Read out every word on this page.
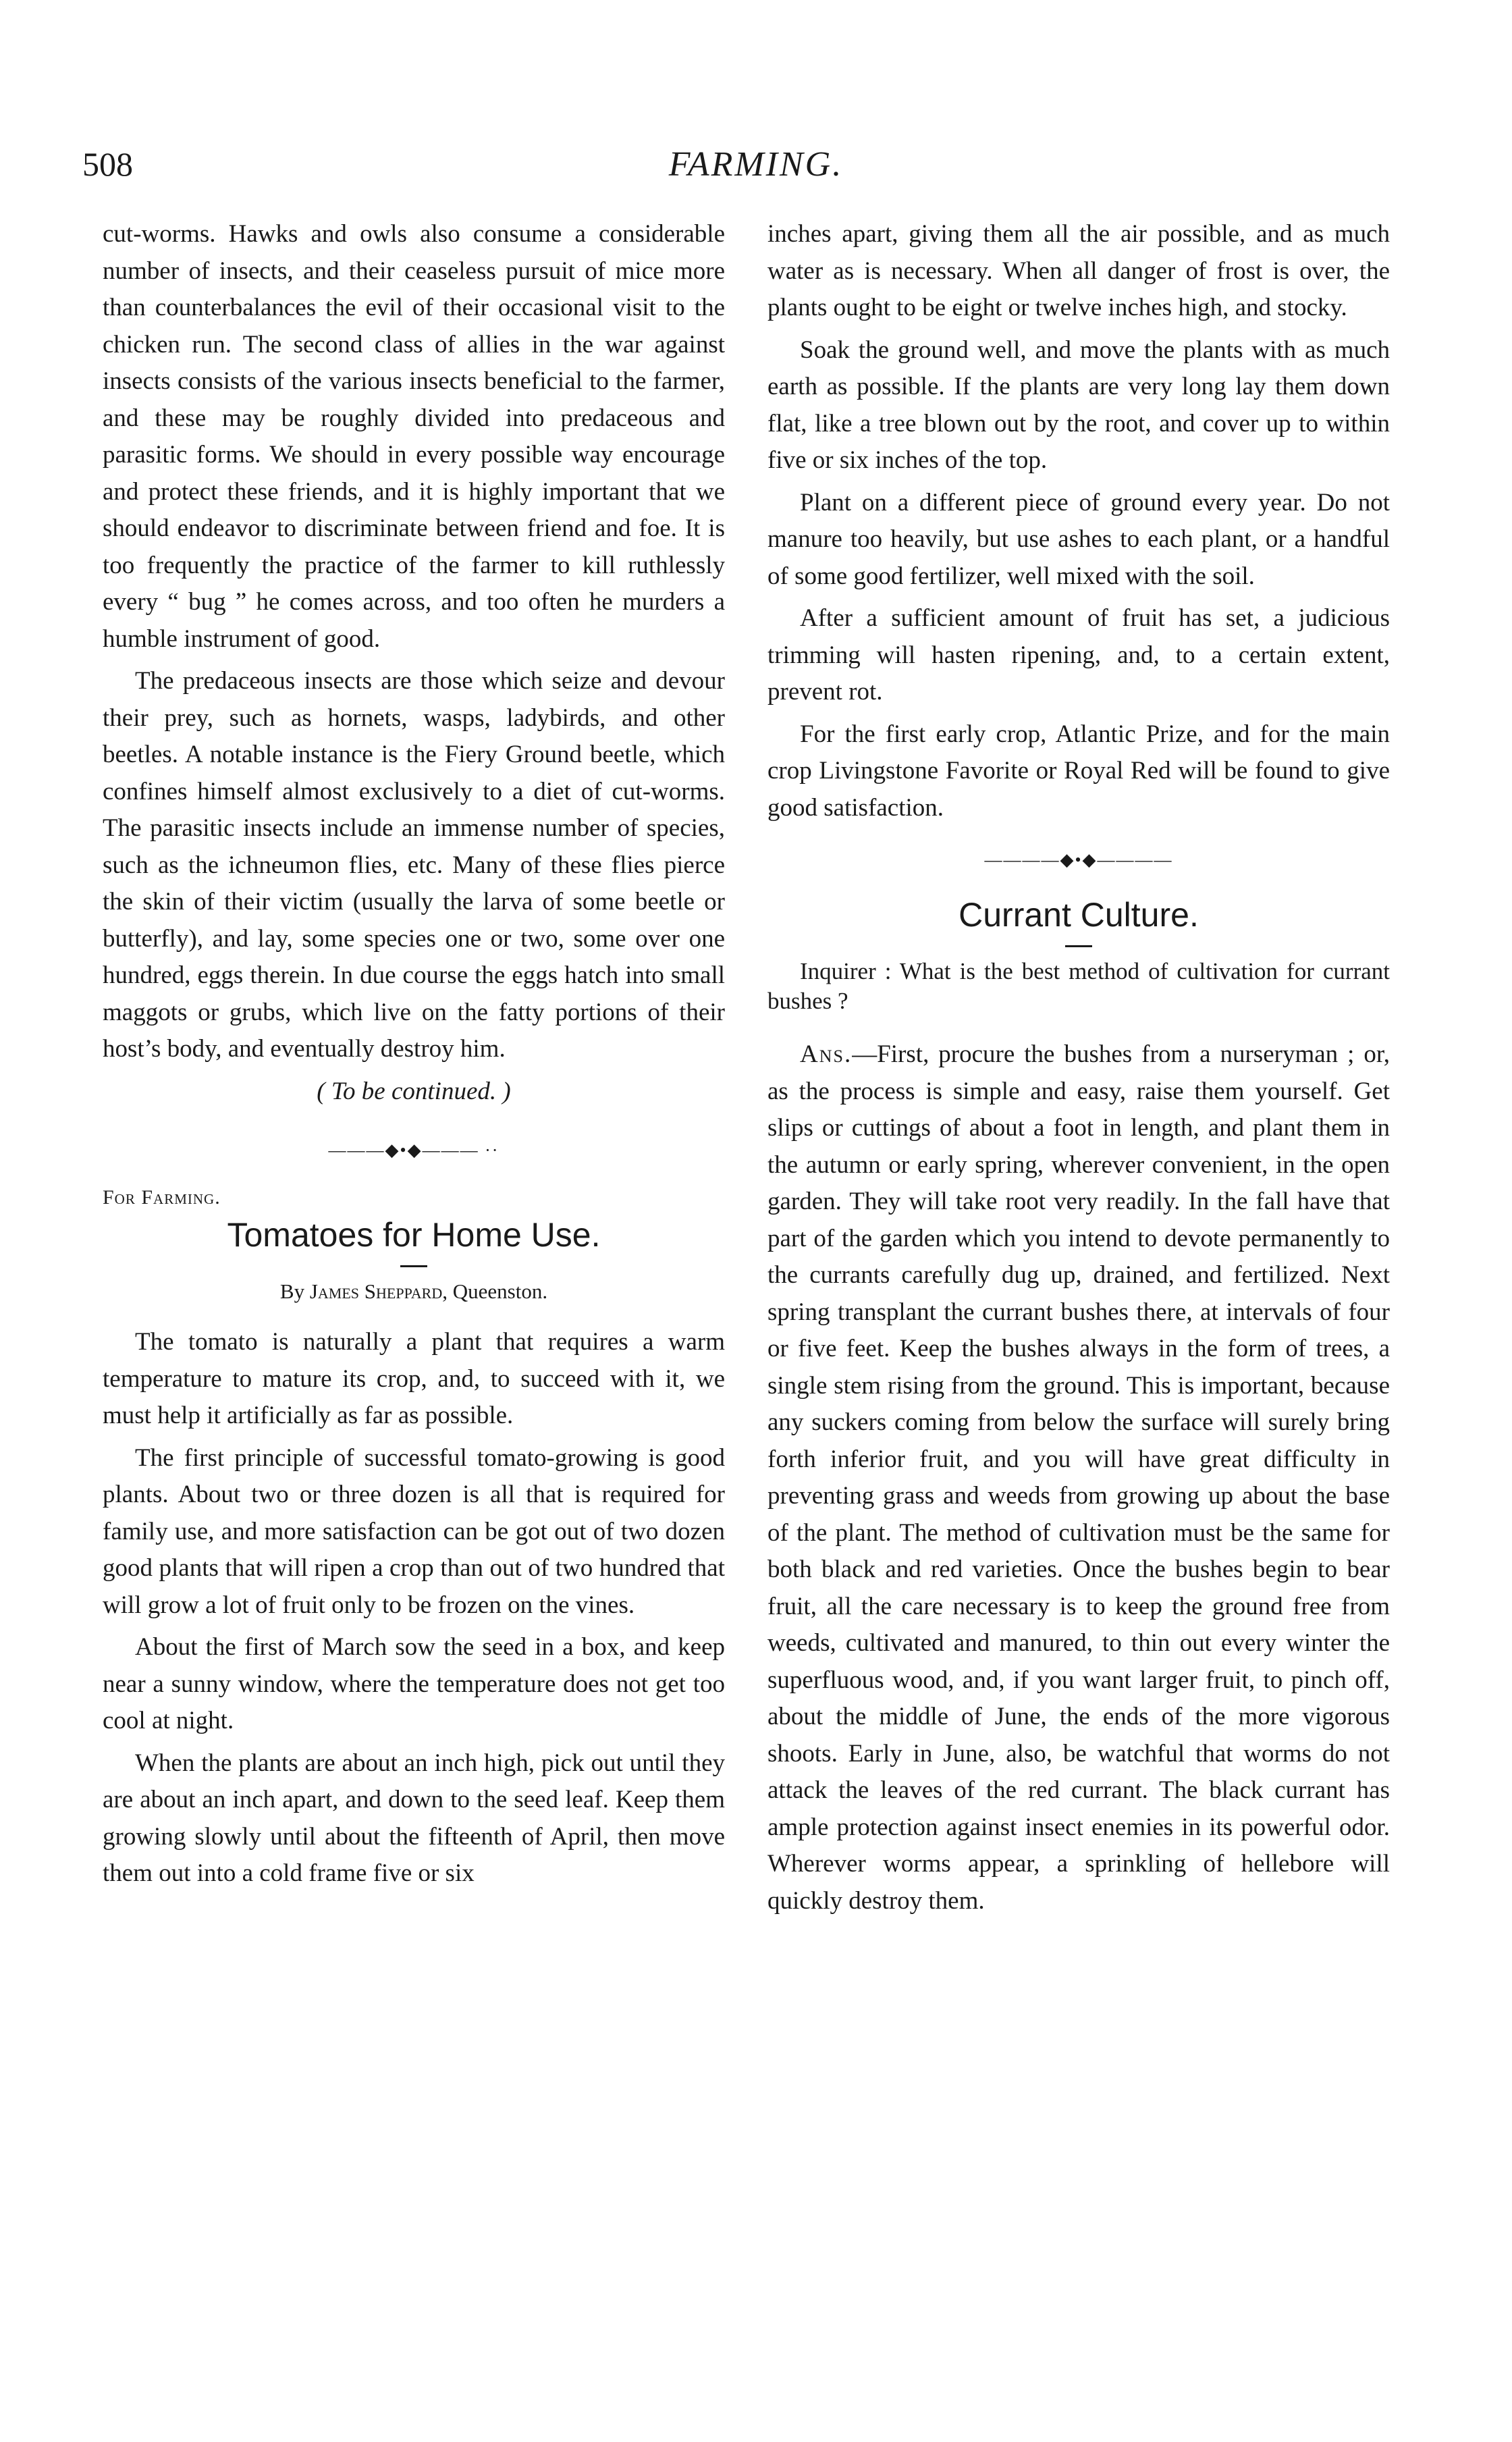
508	FARMING.

cut-worms. Hawks and owls also consume a considerable number of insects, and their ceaseless pursuit of mice more than counterbalances the evil of their occasional visit to the chicken run. The second class of allies in the war against insects consists of the various insects beneficial to the farmer, and these may be roughly divided into predaceous and parasitic forms. We should in every possible way encourage and protect these friends, and it is highly important that we should endeavor to discriminate between friend and foe. It is too frequently the practice of the farmer to kill ruthlessly every “ bug ” he comes across, and too often he murders a humble instrument of good.

The predaceous insects are those which seize and devour their prey, such as hornets, wasps, ladybirds, and other beetles. A notable instance is the Fiery Ground beetle, which confines himself almost exclusively to a diet of cut-worms. The parasitic insects include an immense number of species, such as the ichneumon flies, etc. Many of these flies pierce the skin of their victim (usually the larva of some beetle or butterfly), and lay, some species one or two, some over one hundred, eggs therein. In due course the eggs hatch into small maggots or grubs, which live on the fatty portions of their host’s body, and eventually destroy him.

( To be continued. )
———◆•◆——— ··
For Farming.
Tomatoes for Home Use.
By James Sheppard, Queenston.

The tomato is naturally a plant that requires a warm temperature to mature its crop, and, to succeed with it, we must help it artificially as far as possible.

The first principle of successful tomato-growing is good plants. About two or three dozen is all that is required for family use, and more satisfaction can be got out of two dozen good plants that will ripen a crop than out of two hundred that will grow a lot of fruit only to be frozen on the vines.

About the first of March sow the seed in a box, and keep near a sunny window, where the temperature does not get too cool at night.

When the plants are about an inch high, pick out until they are about an inch apart, and down to the seed leaf. Keep them growing slowly until about the fifteenth of April, then move them out into a cold frame five or six

inches apart, giving them all the air possible, and as much water as is necessary. When all danger of frost is over, the plants ought to be eight or twelve inches high, and stocky.

Soak the ground well, and move the plants with as much earth as possible. If the plants are very long lay them down flat, like a tree blown out by the root, and cover up to within five or six inches of the top.

Plant on a different piece of ground every year. Do not manure too heavily, but use ashes to each plant, or a handful of some good fertilizer, well mixed with the soil.

After a sufficient amount of fruit has set, a judicious trimming will hasten ripening, and, to a certain extent, prevent rot.

For the first early crop, Atlantic Prize, and for the main crop Livingstone Favorite or Royal Red will be found to give good satisfaction.

————◆•◆————
Currant Culture.

Inquirer : What is the best method of cultivation for currant bushes ?

Ans.—First, procure the bushes from a nurseryman ; or, as the process is simple and easy, raise them yourself. Get slips or cuttings of about a foot in length, and plant them in the autumn or early spring, wherever convenient, in the open garden. They will take root very readily. In the fall have that part of the garden which you intend to devote permanently to the currants carefully dug up, drained, and fertilized. Next spring transplant the currant bushes there, at intervals of four or five feet. Keep the bushes always in the form of trees, a single stem rising from the ground. This is important, because any suckers coming from below the surface will surely bring forth inferior fruit, and you will have great difficulty in preventing grass and weeds from growing up about the base of the plant. The method of cultivation must be the same for both black and red varieties. Once the bushes begin to bear fruit, all the care necessary is to keep the ground free from weeds, cultivated and manured, to thin out every winter the superfluous wood, and, if you want larger fruit, to pinch off, about the middle of June, the ends of the more vigorous shoots. Early in June, also, be watchful that worms do not attack the leaves of the red currant. The black currant has ample protection against insect enemies in its powerful odor. Wherever worms appear, a sprinkling of hellebore will quickly destroy them.
